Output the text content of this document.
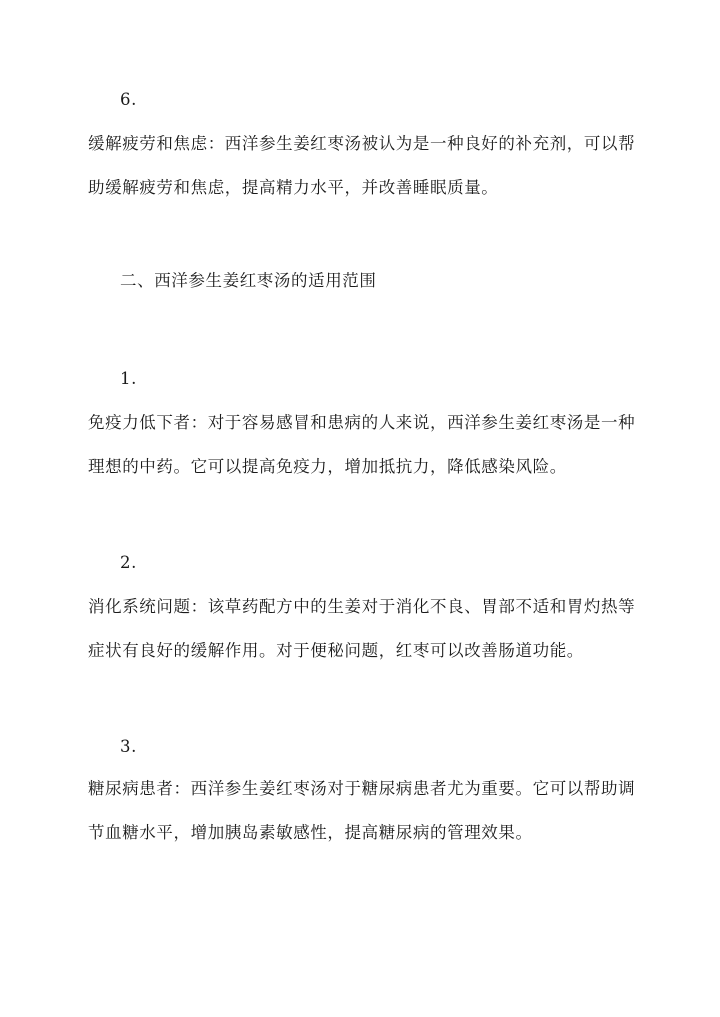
6.
缓解疲劳和焦虑：西洋参生姜红枣汤被认为是一种良好的补充剂，可以帮
助缓解疲劳和焦虑，提高精力水平，并改善睡眠质量。
二、西洋参生姜红枣汤的适用范围
1.
免疫力低下者：对于容易感冒和患病的人来说，西洋参生姜红枣汤是一种
理想的中药。它可以提高免疫力，增加抵抗力，降低感染风险。
2.
消化系统问题：该草药配方中的生姜对于消化不良、胃部不适和胃灼热等
症状有良好的缓解作用。对于便秘问题，红枣可以改善肠道功能。
3.
糖尿病患者：西洋参生姜红枣汤对于糖尿病患者尤为重要。它可以帮助调
节血糖水平，增加胰岛素敏感性，提高糖尿病的管理效果。
